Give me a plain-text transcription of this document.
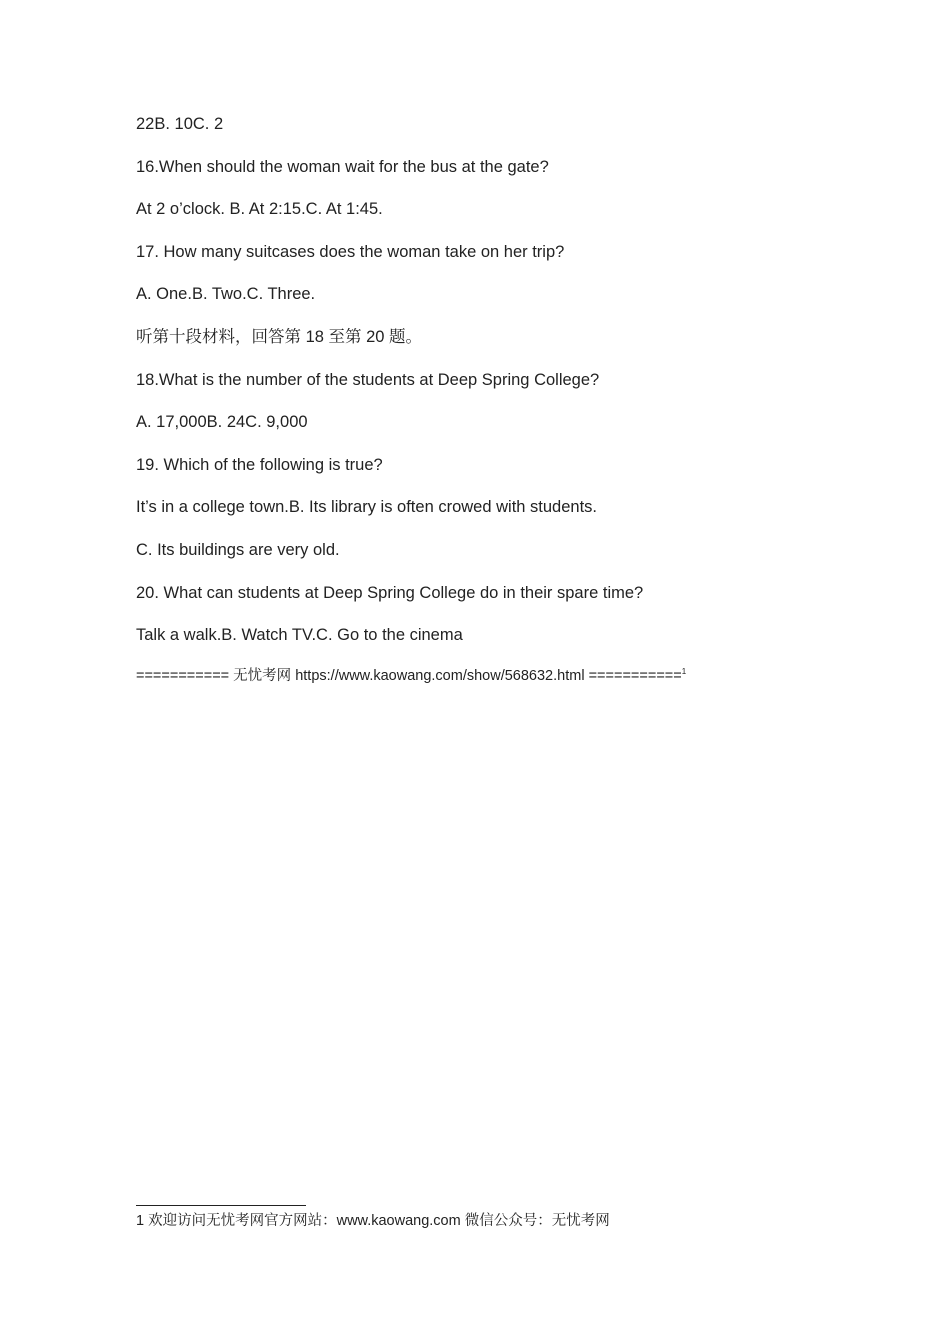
22B. 10C. 2
16.When should the woman wait for the bus at the gate?
At 2 o’clock. B. At 2:15.C. At 1:45.
17. How many suitcases does the woman take on her trip?
A. One.B. Two.C. Three.
听第十段材料，回答第 18 至第 20 题。
18.What is the number of the students at Deep Spring College?
A. 17,000B. 24C. 9,000
19. Which of the following is true?
It’s in a college town.B. Its library is often crowed with students.
C. Its buildings are very old.
20. What can students at Deep Spring College do in their spare time?
Talk a walk.B. Watch TV.C. Go to the cinema
=========== 无忧考网 https://www.kaowang.com/show/568632.html ===========$^1$
1 欢迎访问无忧考网官方网站：www.kaowang.com 微信公众号：无忧考网
